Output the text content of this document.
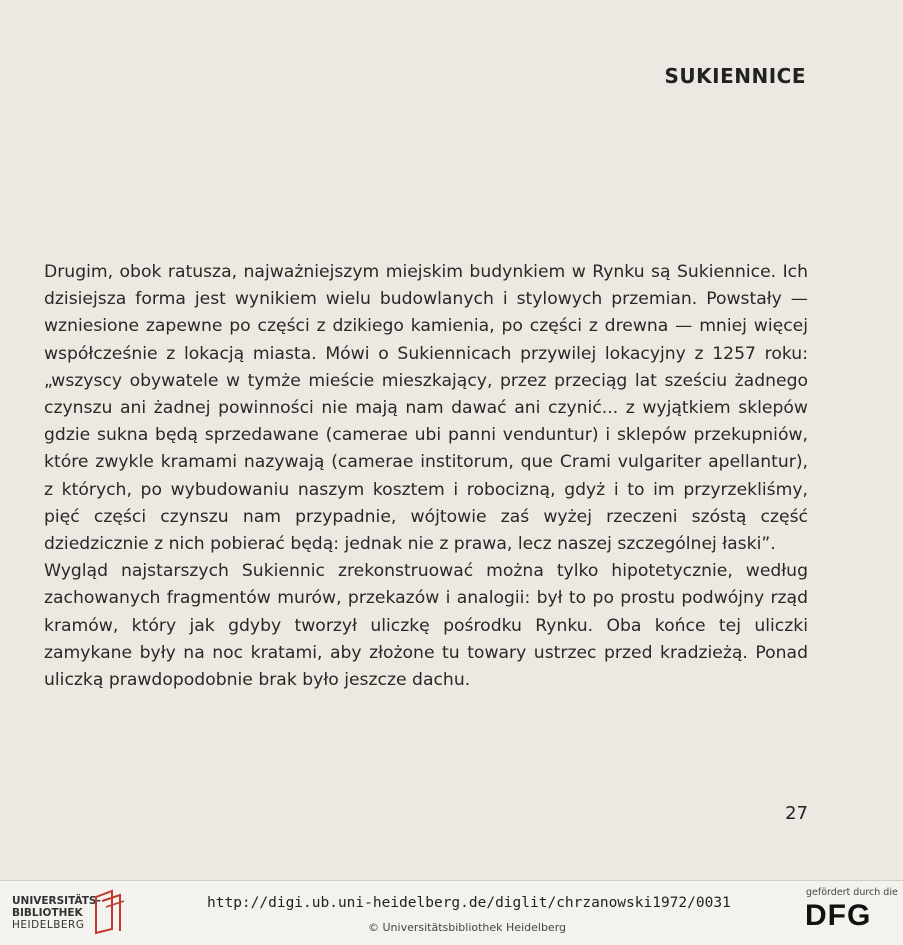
SUKIENNICE

Drugim, obok ratusza, najważniejszym miejskim budynkiem w Rynku są Sukiennice. Ich dzisiejsza forma jest wynikiem wielu budowlanych i stylowych przemian. Powstały — wzniesione zapewne po części z dzikiego kamienia, po części z drewna — mniej więcej współcześnie z lokacją miasta. Mówi o Sukiennicach przywilej lokacyjny z 1257 roku: „wszyscy obywatele w tymże mieście mieszkający, przez przeciąg lat sześciu żadnego czynszu ani żadnej powinności nie mają nam dawać ani czynić... z wyjątkiem sklepów gdzie sukna będą sprzedawane (camerae ubi panni venduntur) i sklepów przekupniów, które zwykle kramami nazywają (camerae institorum, que Crami vulgariter apellantur), z których, po wybudowaniu naszym kosztem i robocizną, gdyż i to im przyrzekliśmy, pięć części czynszu nam przypadnie, wójtowie zaś wyżej rzeczeni szóstą część dziedzicznie z nich pobierać będą: jednak nie z prawa, lecz naszej szczególnej łaski”.

Wygląd najstarszych Sukiennic zrekonstruować można tylko hipotetycznie, według zachowanych fragmentów murów, przekazów i analogii: był to po prostu podwójny rząd kramów, który jak gdyby tworzył uliczkę pośrodku Rynku. Oba końce tej uliczki zamykane były na noc kratami, aby złożone tu towary ustrzec przed kradzieżą. Ponad uliczką prawdopodobnie brak było jeszcze dachu.

27
UNIVERSITÄTS-
BIBLIOTHEK
HEIDELBERG
http://digi.ub.uni-heidelberg.de/diglit/chrzanowski1972/0031
© Universitätsbibliothek Heidelberg
gefördert durch die
DFG
